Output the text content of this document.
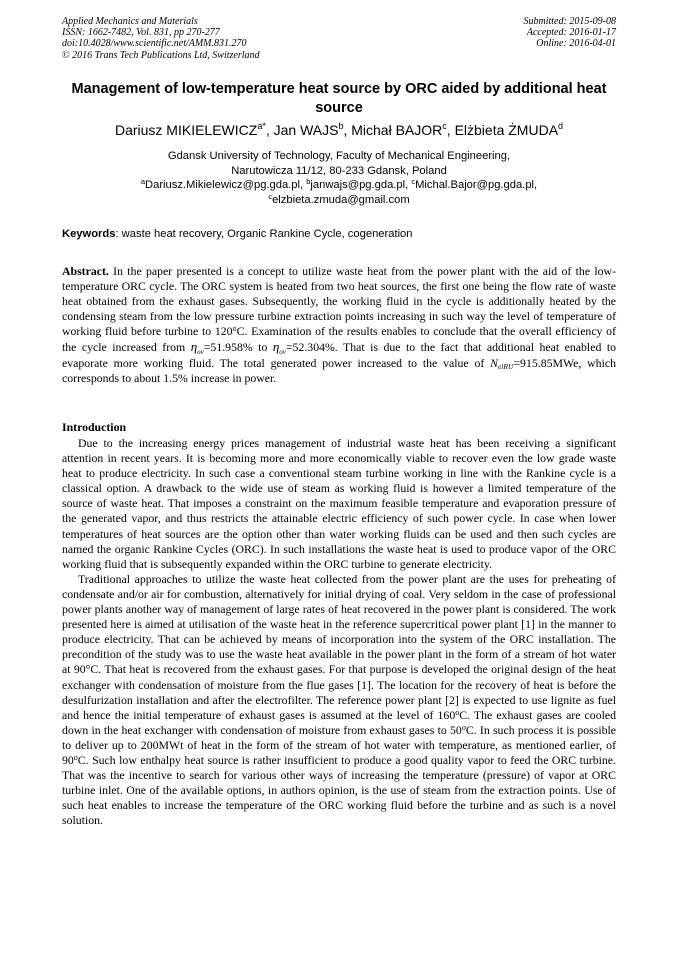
Applied Mechanics and Materials
ISSN: 1662-7482, Vol. 831, pp 270-277
doi:10.4028/www.scientific.net/AMM.831.270
© 2016 Trans Tech Publications Ltd, Switzerland
Submitted: 2015-09-08
Accepted: 2016-01-17
Online: 2016-04-01
Management of low-temperature heat source by ORC aided by additional heat source
Dariusz $MIKIELEWICZ^{a*}$, Jan WAJS$^b$, Michał BAJOR$^c$, Elżbieta ŻMUDA$^d$
Gdansk University of Technology, Faculty of Mechanical Engineering,
Narutowicza 11/12, 80-233 Gdansk, Poland
$^a$Dariusz.Mikielewicz@pg.gda.pl, $^b$janwajs@pg.gda.pl, $^c$Michal.Bajor@pg.gda.pl,
$^c$elzbieta.zmuda@gmail.com
Keywords: waste heat recovery, Organic Rankine Cycle, cogeneration
Abstract. In the paper presented is a concept to utilize waste heat from the power plant with the aid of the low-temperature ORC cycle. The ORC system is heated from two heat sources, the first one being the flow rate of waste heat obtained from the exhaust gases. Subsequently, the working fluid in the cycle is additionally heated by the condensing steam from the low pressure turbine extraction points increasing in such way the level of temperature of working fluid before turbine to 120$^o$C. Examination of the results enables to conclude that the overall efficiency of the cycle increased from $\eta_{ov}=51.958\%$ to $\eta_{ov}=52.304\%$. That is due to the fact that additional heat enabled to evaporate more working fluid. The total generated power increased to the value of $N_{elRU}=915.85MWe$, which corresponds to about 1.5% increase in power.
Introduction

Due to the increasing energy prices management of industrial waste heat has been receiving a significant attention in recent years. It is becoming more and more economically viable to recover even the low grade waste heat to produce electricity. In such case a conventional steam turbine working in line with the Rankine cycle is a classical option. A drawback to the wide use of steam as working fluid is however a limited temperature of the source of waste heat. That imposes a constraint on the maximum feasible temperature and evaporation pressure of the generated vapor, and thus restricts the attainable electric efficiency of such power cycle. In case when lower temperatures of heat sources are the option other than water working fluids can be used and then such cycles are named the organic Rankine Cycles (ORC). In such installations the waste heat is used to produce vapor of the ORC working fluid that is subsequently expanded within the ORC turbine to generate electricity.

Traditional approaches to utilize the waste heat collected from the power plant are the uses for preheating of condensate and/or air for combustion, alternatively for initial drying of coal. Very seldom in the case of professional power plants another way of management of large rates of heat recovered in the power plant is considered. The work presented here is aimed at utilisation of the waste heat in the reference supercritical power plant [1] in the manner to produce electricity. That can be achieved by means of incorporation into the system of the ORC installation. The precondition of the study was to use the waste heat available in the power plant in the form of a stream of hot water at 90°C. That heat is recovered from the exhaust gases. For that purpose is developed the original design of the heat exchanger with condensation of moisture from the flue gases [1]. The location for the recovery of heat is before the desulfurization installation and after the electrofilter. The reference power plant [2] is expected to use lignite as fuel and hence the initial temperature of exhaust gases is assumed at the level of 160$^o$C. The exhaust gases are cooled down in the heat exchanger with condensation of moisture from exhaust gases to 50$^o$C. In such process it is possible to deliver up to 200MWt of heat in the form of the stream of hot water with temperature, as mentioned earlier, of 90$^o$C. Such low enthalpy heat source is rather insufficient to produce a good quality vapor to feed the ORC turbine. That was the incentive to search for various other ways of increasing the temperature (pressure) of vapor at ORC turbine inlet. One of the available options, in authors opinion, is the use of steam from the extraction points. Use of such heat enables to increase the temperature of the ORC working fluid before the turbine and as such is a novel solution.
